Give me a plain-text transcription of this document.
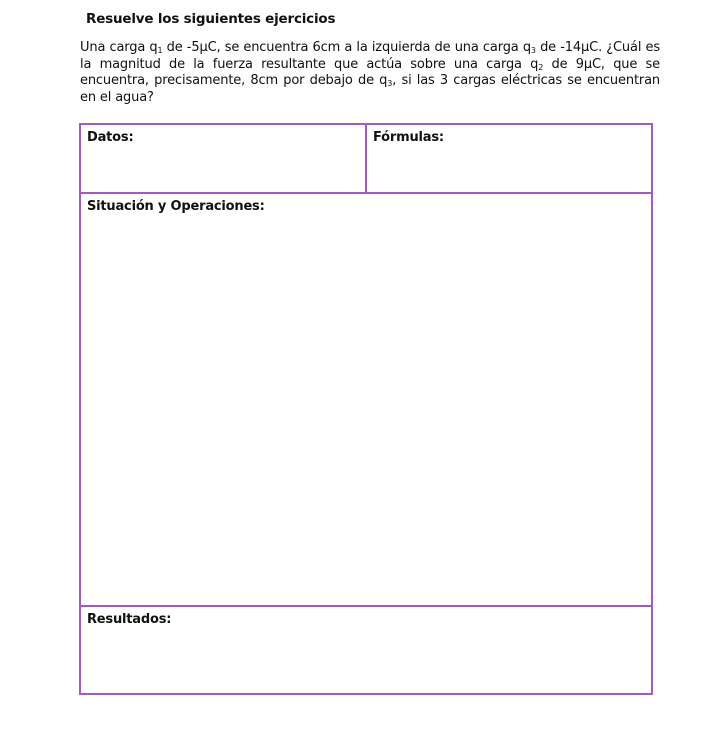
Resuelve los siguientes ejercicios

Una carga $q_1$ de -5μC, se encuentra 6cm a la izquierda de una carga $q_3$ de -14μC. ¿Cuál es la magnitud de la fuerza resultante que actúa sobre una carga $q_2$ de 9μC, que se encuentra, precisamente, 8cm por debajo de $q_3$, si las 3 cargas eléctricas se encuentran en el agua?

Datos:	Fórmulas:
Situación y Operaciones:
Resultados:
